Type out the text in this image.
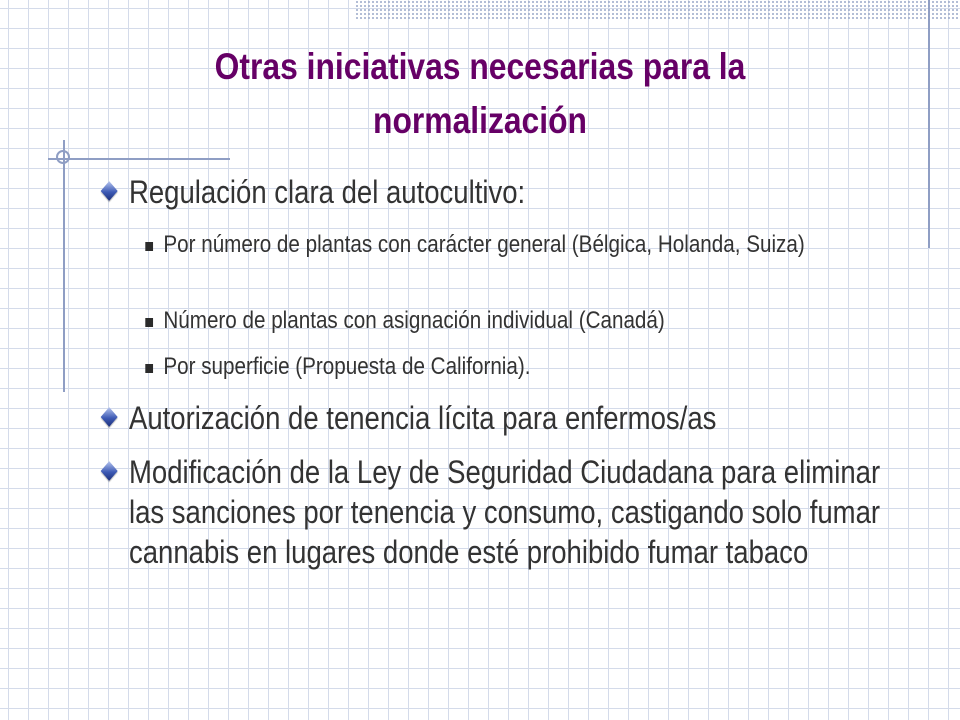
Otras iniciativas necesarias para la normalización
Regulación clara del autocultivo:
Por número de plantas con carácter general (Bélgica, Holanda, Suiza)
Número de plantas con asignación individual (Canadá)
Por superficie (Propuesta de California).
Autorización de tenencia lícita para enfermos/as
Modificación de la Ley de Seguridad Ciudadana para eliminar las sanciones por tenencia y consumo, castigando solo fumar cannabis en lugares donde esté prohibido fumar tabaco
